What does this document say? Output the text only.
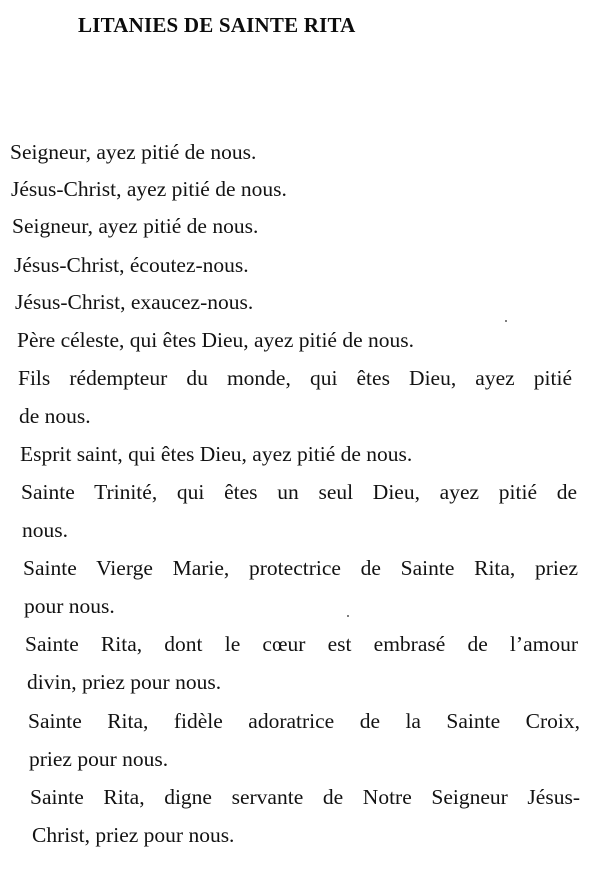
LITANIES DE SAINTE RITA
Seigneur, ayez pitié de nous.
Jésus-Christ, ayez pitié de nous.
Seigneur, ayez pitié de nous.
Jésus-Christ, écoutez-nous.
Jésus-Christ, exaucez-nous.
Père céleste, qui êtes Dieu, ayez pitié de nous.
Fils rédempteur du monde, qui êtes Dieu, ayez pitié
de nous.
Esprit saint, qui êtes Dieu, ayez pitié de nous.
Sainte Trinité, qui êtes un seul Dieu, ayez pitié de
nous.
Sainte Vierge Marie, protectrice de Sainte Rita, priez
pour nous.
Sainte Rita, dont le cœur est embrasé de l’amour
divin, priez pour nous.
Sainte Rita, fidèle adoratrice de la Sainte Croix,
priez pour nous.
Sainte Rita, digne servante de Notre Seigneur Jésus-
Christ, priez pour nous.
